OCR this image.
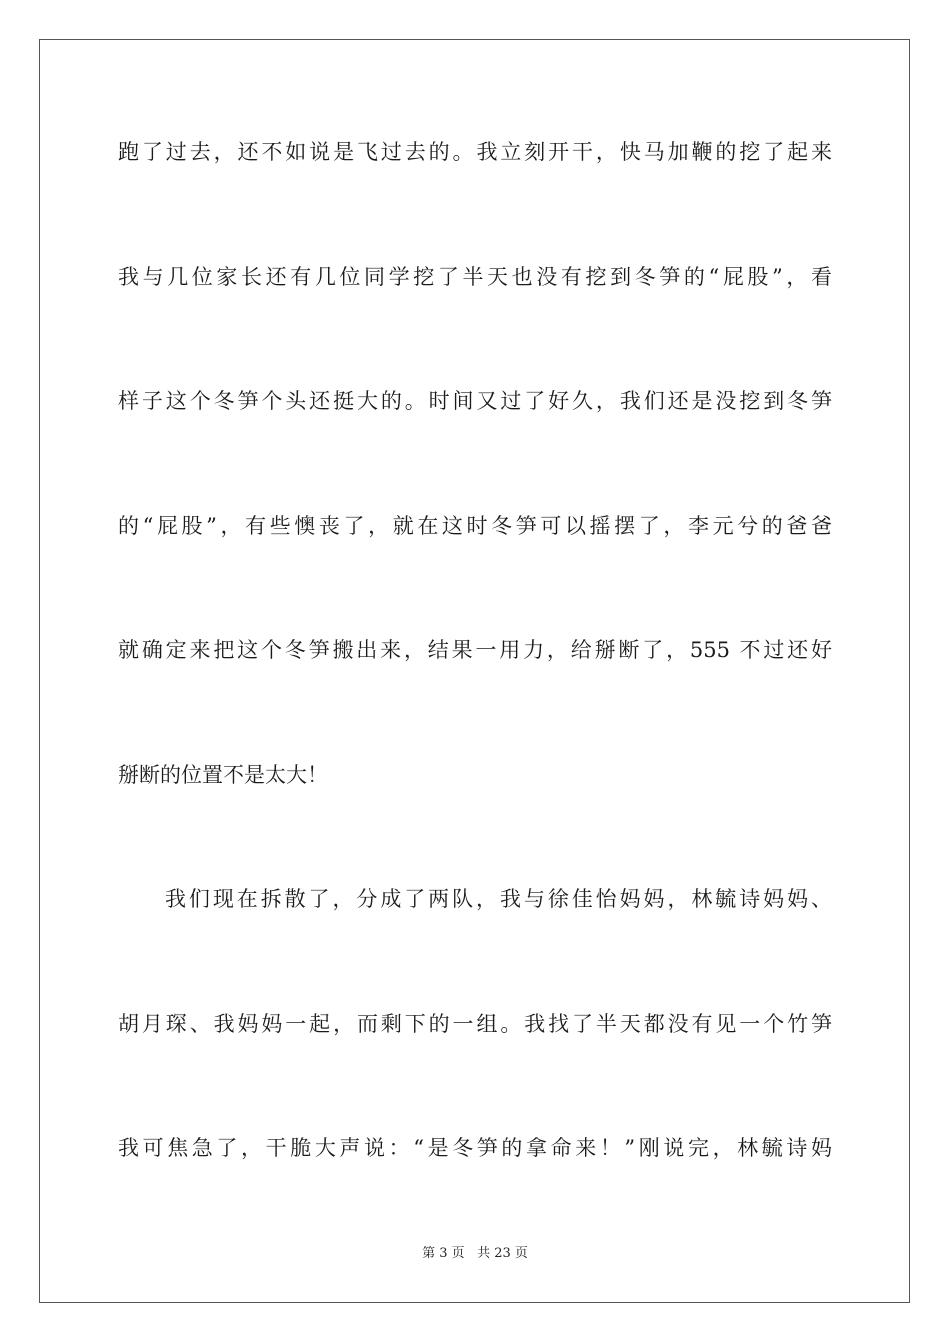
跑了过去，还不如说是飞过去的。我立刻开干，快马加鞭的挖了起来
我与几位家长还有几位同学挖了半天也没有挖到冬笋的“屁股”，看
样子这个冬笋个头还挺大的。时间又过了好久，我们还是没挖到冬笋
的“屁股”，有些懊丧了，就在这时冬笋可以摇摆了，李元兮的爸爸
就确定来把这个冬笋搬出来，结果一用力，给掰断了，555 不过还好
掰断的位置不是太大！
我们现在拆散了，分成了两队，我与徐佳怡妈妈，林毓诗妈妈、
胡月琛、我妈妈一起，而剩下的一组。我找了半天都没有见一个竹笋
我可焦急了，干脆大声说：“是冬笋的拿命来！”刚说完，林毓诗妈
第 3 页 共 23 页
